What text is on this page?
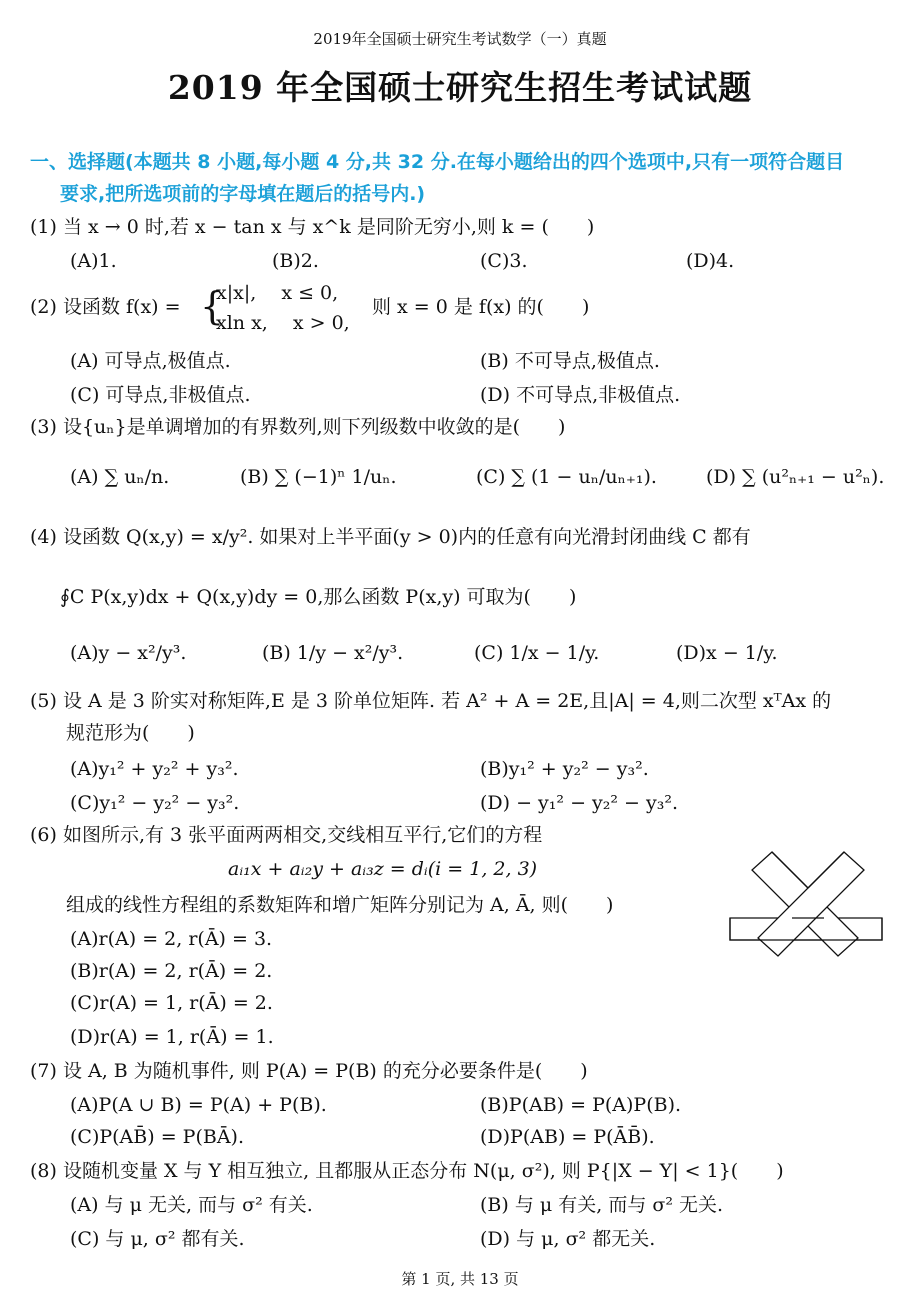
2019年全国硕士研究生考试数学（一）真题
2019 年全国硕士研究生招生考试试题
一、选择题(本题共 8 小题,每小题 4 分,共 32 分.在每小题给出的四个选项中,只有一项符合题目
要求,把所选项前的字母填在题后的括号内.)
(1) 当 x → 0 时,若 x − tan x 与 x^k 是同阶无穷小,则 k = (　　)
(A)1.	(B)2.	(C)3.	(D)4.
(2) 设函数 f(x) = {
x|x|,　 x ≤ 0,
xln x,　 x > 0,
则 x = 0 是 f(x) 的(　　)
(A) 可导点,极值点.	(B) 不可导点,极值点.
(C) 可导点,非极值点.	(D) 不可导点,非极值点.
(3) 设{uₙ}是单调增加的有界数列,则下列级数中收敛的是(　　)
(A) ∑ uₙ/n.	(B) ∑ (−1)ⁿ 1/uₙ.	(C) ∑ (1 − uₙ/uₙ₊₁).	(D) ∑ (u²ₙ₊₁ − u²ₙ).
(4) 设函数 Q(x,y) = x/y². 如果对上半平面(y > 0)内的任意有向光滑封闭曲线 C 都有
∮C P(x,y)dx + Q(x,y)dy = 0,那么函数 P(x,y) 可取为(　　)
(A)y − x²/y³.	(B) 1/y − x²/y³.	(C) 1/x − 1/y.	(D)x − 1/y.
(5) 设 A 是 3 阶实对称矩阵,E 是 3 阶单位矩阵. 若 A² + A = 2E,且|A| = 4,则二次型 xᵀAx 的
规范形为(　　)
(A)y₁² + y₂² + y₃².	(B)y₁² + y₂² − y₃².
(C)y₁² − y₂² − y₃².	(D) − y₁² − y₂² − y₃².
(6) 如图所示,有 3 张平面两两相交,交线相互平行,它们的方程
aᵢ₁x + aᵢ₂y + aᵢ₃z = dᵢ(i = 1, 2, 3)
组成的线性方程组的系数矩阵和增广矩阵分别记为 A, Ā, 则(　　)
(A)r(A) = 2, r(Ā) = 3.
(B)r(A) = 2, r(Ā) = 2.
(C)r(A) = 1, r(Ā) = 2.
(D)r(A) = 1, r(Ā) = 1.
(7) 设 A, B 为随机事件, 则 P(A) = P(B) 的充分必要条件是(　　)
(A)P(A ∪ B) = P(A) + P(B).	(B)P(AB) = P(A)P(B).
(C)P(AB̄) = P(BĀ).	(D)P(AB) = P(ĀB̄).
(8) 设随机变量 X 与 Y 相互独立, 且都服从正态分布 N(μ, σ²), 则 P{|X − Y| < 1}(　　)
(A) 与 μ 无关, 而与 σ² 有关.	(B) 与 μ 有关, 而与 σ² 无关.
(C) 与 μ, σ² 都有关.	(D) 与 μ, σ² 都无关.
第 1 页, 共 13 页
